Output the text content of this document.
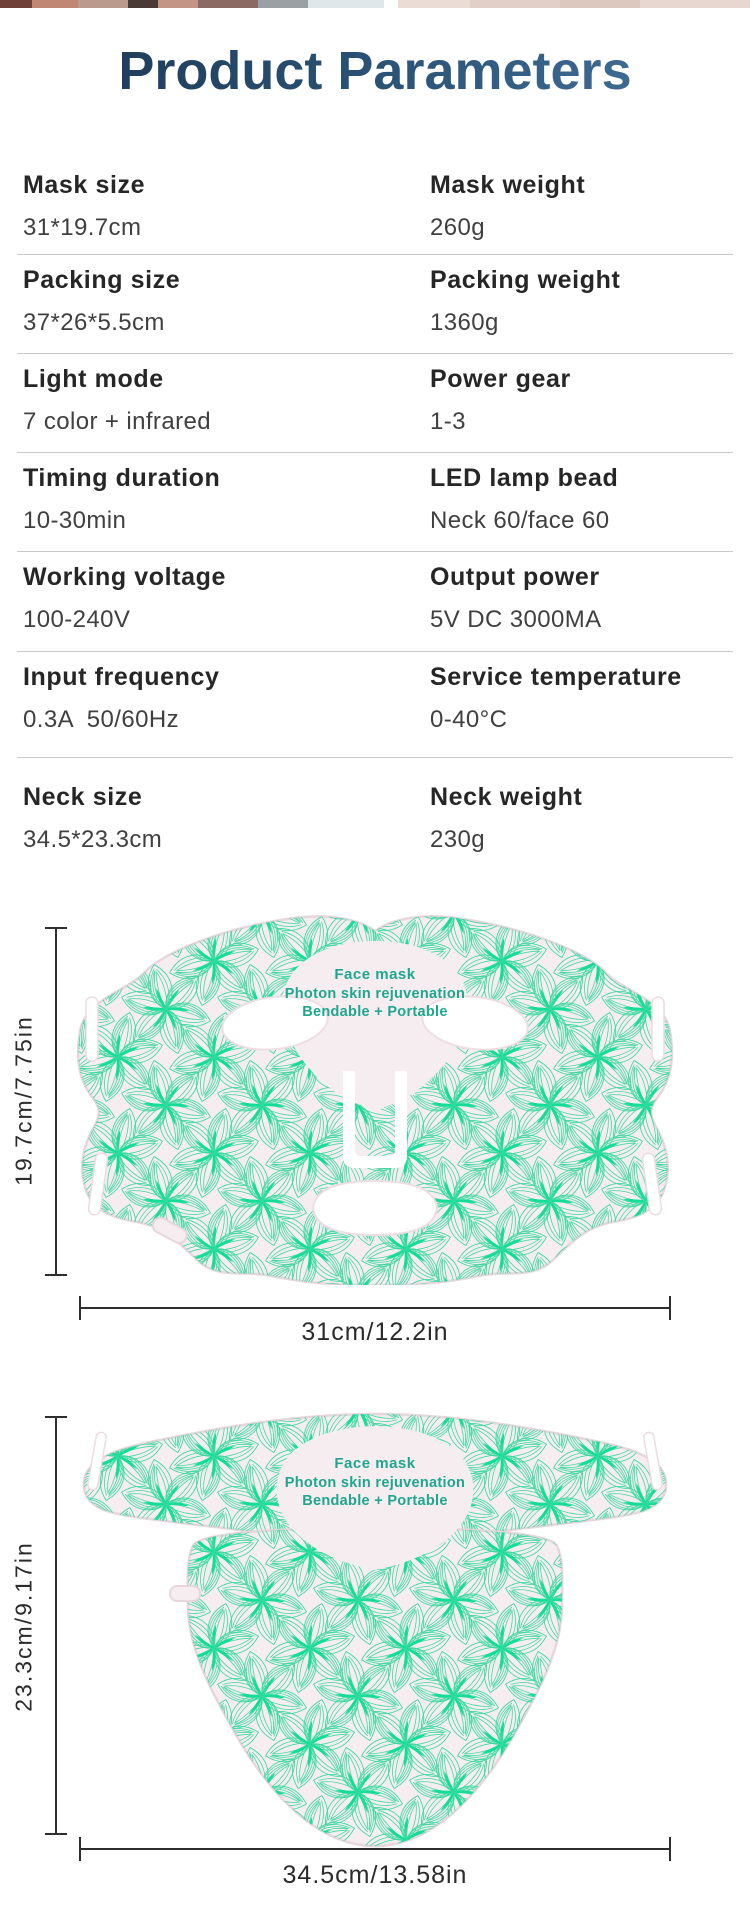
Product Parameters
Mask size
31*19.7cm
Mask weight
260g
Packing size
37*26*5.5cm
Packing weight
1360g
Light mode
7 color + infrared
Power gear
1-3
Timing duration
10-30min
LED lamp bead
Neck 60/face 60
Working voltage
100-240V
Output power
5V DC 3000MA
Input frequency
0.3A  50/60Hz
Service temperature
0-40°C
Neck size
34.5*23.3cm
Neck weight
230g
Face mask
Photon skin rejuvenation
Bendable + Portable
19.7cm/7.75in
31cm/12.2in
Face mask
Photon skin rejuvenation
Bendable + Portable
23.3cm/9.17in
34.5cm/13.58in
